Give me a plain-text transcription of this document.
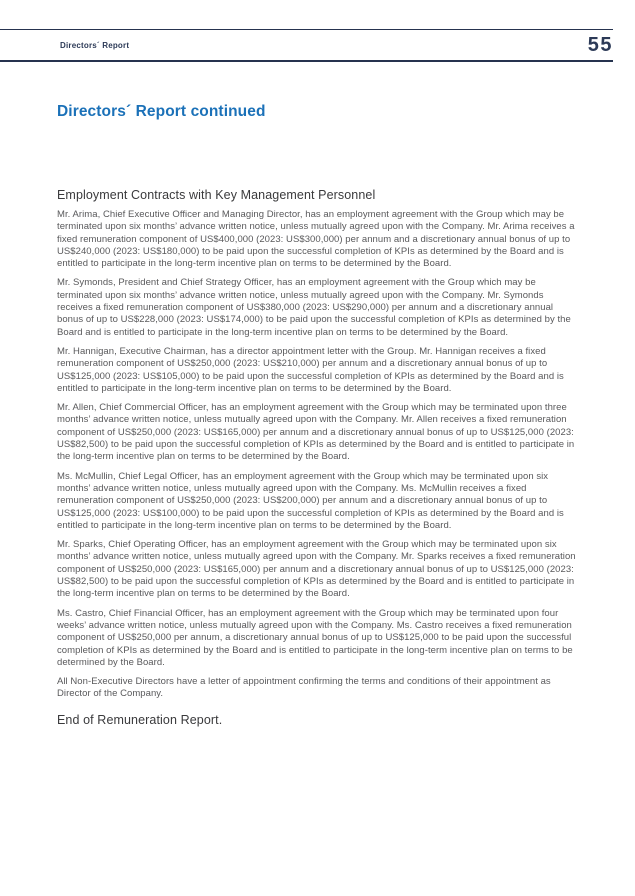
Directors´ Report	55
Directors´ Report continued
Employment Contracts with Key Management Personnel

Mr. Arima, Chief Executive Officer and Managing Director, has an employment agreement with the Group which may be terminated upon six months’ advance written notice, unless mutually agreed upon with the Company. Mr. Arima receives a fixed remuneration component of US$400,000 (2023: US$300,000) per annum and a discretionary annual bonus of up to US$240,000 (2023: US$180,000) to be paid upon the successful completion of KPIs as determined by the Board and is entitled to participate in the long-term incentive plan on terms to be determined by the Board.

Mr. Symonds, President and Chief Strategy Officer, has an employment agreement with the Group which may be terminated upon six months’ advance written notice, unless mutually agreed upon with the Company. Mr. Symonds receives a fixed remuneration component of US$380,000 (2023: US$290,000) per annum and a discretionary annual bonus of up to US$228,000 (2023: US$174,000) to be paid upon the successful completion of KPIs as determined by the Board and is entitled to participate in the long-term incentive plan on terms to be determined by the Board.

Mr. Hannigan, Executive Chairman, has a director appointment letter with the Group. Mr. Hannigan receives a fixed remuneration component of US$250,000 (2023: US$210,000) per annum and a discretionary annual bonus of up to US$125,000 (2023: US$105,000) to be paid upon the successful completion of KPIs as determined by the Board and is entitled to participate in the long-term incentive plan on terms to be determined by the Board.

Mr. Allen, Chief Commercial Officer, has an employment agreement with the Group which may be terminated upon three months’ advance written notice, unless mutually agreed upon with the Company. Mr. Allen receives a fixed remuneration component of US$250,000 (2023: US$165,000) per annum and a discretionary annual bonus of up to US$125,000 (2023: US$82,500) to be paid upon the successful completion of KPIs as determined by the Board and is entitled to participate in the long-term incentive plan on terms to be determined by the Board.

Ms. McMullin, Chief Legal Officer, has an employment agreement with the Group which may be terminated upon six months’ advance written notice, unless mutually agreed upon with the Company. Ms. McMullin receives a fixed remuneration component of US$250,000 (2023: US$200,000) per annum and a discretionary annual bonus of up to US$125,000 (2023: US$100,000) to be paid upon the successful completion of KPIs as determined by the Board and is entitled to participate in the long-term incentive plan on terms to be determined by the Board.

Mr. Sparks, Chief Operating Officer, has an employment agreement with the Group which may be terminated upon six months’ advance written notice, unless mutually agreed upon with the Company. Mr. Sparks receives a fixed remuneration component of US$250,000 (2023: US$165,000) per annum and a discretionary annual bonus of up to US$125,000 (2023: US$82,500) to be paid upon the successful completion of KPIs as determined by the Board and is entitled to participate in the long-term incentive plan on terms to be determined by the Board.

Ms. Castro, Chief Financial Officer, has an employment agreement with the Group which may be terminated upon four weeks’ advance written notice, unless mutually agreed upon with the Company. Ms. Castro receives a fixed remuneration component of US$250,000 per annum, a discretionary annual bonus of up to US$125,000 to be paid upon the successful completion of KPIs as determined by the Board and is entitled to participate in the long-term incentive plan on terms to be determined by the Board.

All Non-Executive Directors have a letter of appointment confirming the terms and conditions of their appointment as Director of the Company.

End of Remuneration Report.
